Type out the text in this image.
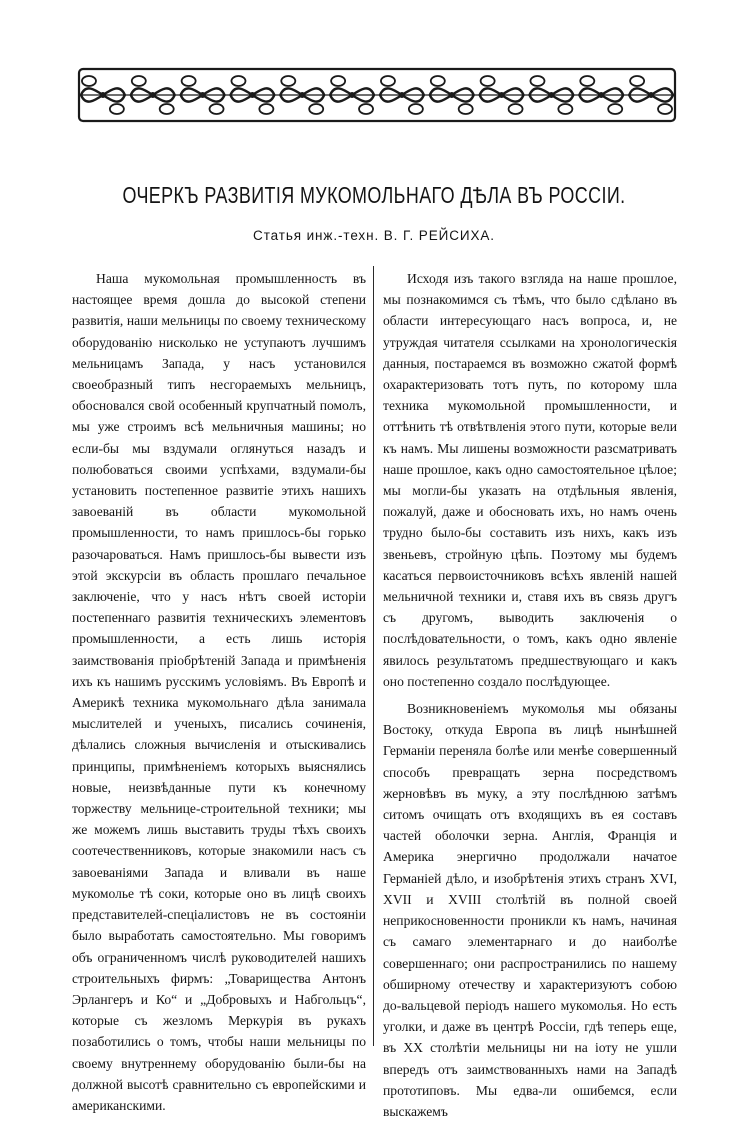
ОЧЕРКЪ РАЗВИТІЯ МУКОМОЛЬНАГО ДѢЛА ВЪ РОССІИ.
Статья инж.-техн. В. Г. РЕЙСИХА.

Наша мукомольная промышленность въ настоящее время дошла до высокой степени развитія, наши мельницы по своему техническому оборудованію нисколько не уступаютъ лучшимъ мельницамъ Запада, у насъ установился своеобразный типъ несгораемыхъ мельницъ, обосновался свой особенный крупчатный помолъ, мы уже строимъ всѣ мельничныя машины; но если-бы мы вздумали оглянуться назадъ и полюбоваться своими успѣхами, вздумали-бы установить постепенное развитіе этихъ нашихъ завоеваній въ области мукомольной промышленности, то намъ пришлось-бы горько разочароваться. Намъ пришлось-бы вывести изъ этой экскурсіи въ область прошлаго печальное заключеніе, что у насъ нѣтъ своей исторіи постепеннаго развитія техническихъ элементовъ промышленности, а есть лишь исторія заимствованія пріобрѣтеній Запада и примѣненія ихъ къ нашимъ русскимъ условіямъ. Въ Европѣ и Америкѣ техника мукомольнаго дѣла занимала мыслителей и ученыхъ, писались сочиненія, дѣлались сложныя вычисленія и отыскивались принципы, примѣненіемъ которыхъ выяснялись новые, неизвѣданные пути къ конечному торжеству мельнице-строительной техники; мы же можемъ лишь выставить труды тѣхъ своихъ соотечественниковъ, которые знакомили насъ съ завоеваніями Запада и вливали въ наше мукомолье тѣ соки, которые оно въ лицѣ своихъ представителей-спеціалистовъ не въ состояніи было выработать самостоятельно. Мы говоримъ объ ограниченномъ числѣ руководителей нашихъ строительныхъ фирмъ: „Товарищества Антонъ Эрлангеръ и Ко“ и „Добровыхъ и Набгольцъ“, которые съ жезломъ Меркурія въ рукахъ позаботились о томъ, чтобы наши мельницы по своему внутреннему оборудованію были-бы на должной высотѣ сравнительно съ европейскими и американскими.

Исходя изъ такого взгляда на наше прошлое, мы познакомимся съ тѣмъ, что было сдѣлано въ области интересующаго насъ вопроса, и, не утруждая читателя ссылками на хронологическія данныя, постараемся въ возможно сжатой формѣ охарактеризовать тотъ путь, по которому шла техника мукомольной промышленности, и оттѣнить тѣ отвѣтвленія этого пути, которые вели къ намъ. Мы лишены возможности разсматривать наше прошлое, какъ одно самостоятельное цѣлое; мы могли-бы указать на отдѣльныя явленія, пожалуй, даже и обосновать ихъ, но намъ очень трудно было-бы составить изъ нихъ, какъ изъ звеньевъ, стройную цѣпь. Поэтому мы будемъ касаться первоисточниковъ всѣхъ явленій нашей мельничной техники и, ставя ихъ въ связь другъ съ другомъ, выводить заключенія о послѣдовательности, о томъ, какъ одно явленіе явилось результатомъ предшествующаго и какъ оно постепенно создало послѣдующее.

Возникновеніемъ мукомолья мы обязаны Востоку, откуда Европа въ лицѣ нынѣшней Германіи переняла болѣе или менѣе совершенный способъ превращать зерна посредствомъ жерновѣвъ въ муку, а эту послѣднюю затѣмъ ситомъ очищать отъ входящихъ въ ея составъ частей оболочки зерна. Англія, Франція и Америка энергично продолжали начатое Германіей дѣло, и изобрѣтенія этихъ странъ XVI, XVII и XVIII столѣтій въ полной своей неприкосновенности проникли къ намъ, начиная съ самаго элементарнаго и до наиболѣе совершеннаго; они распространились по нашему обширному отечеству и характеризуютъ собою до-вальцевой періодъ нашего мукомолья. Но есть уголки, и даже въ центрѣ Россіи, гдѣ теперь еще, въ XX столѣтіи мельницы ни на іоту не ушли впередъ отъ заимствованныхъ нами на Западѣ прототиповъ. Мы едва-ли ошибемся, если выскажемъ
